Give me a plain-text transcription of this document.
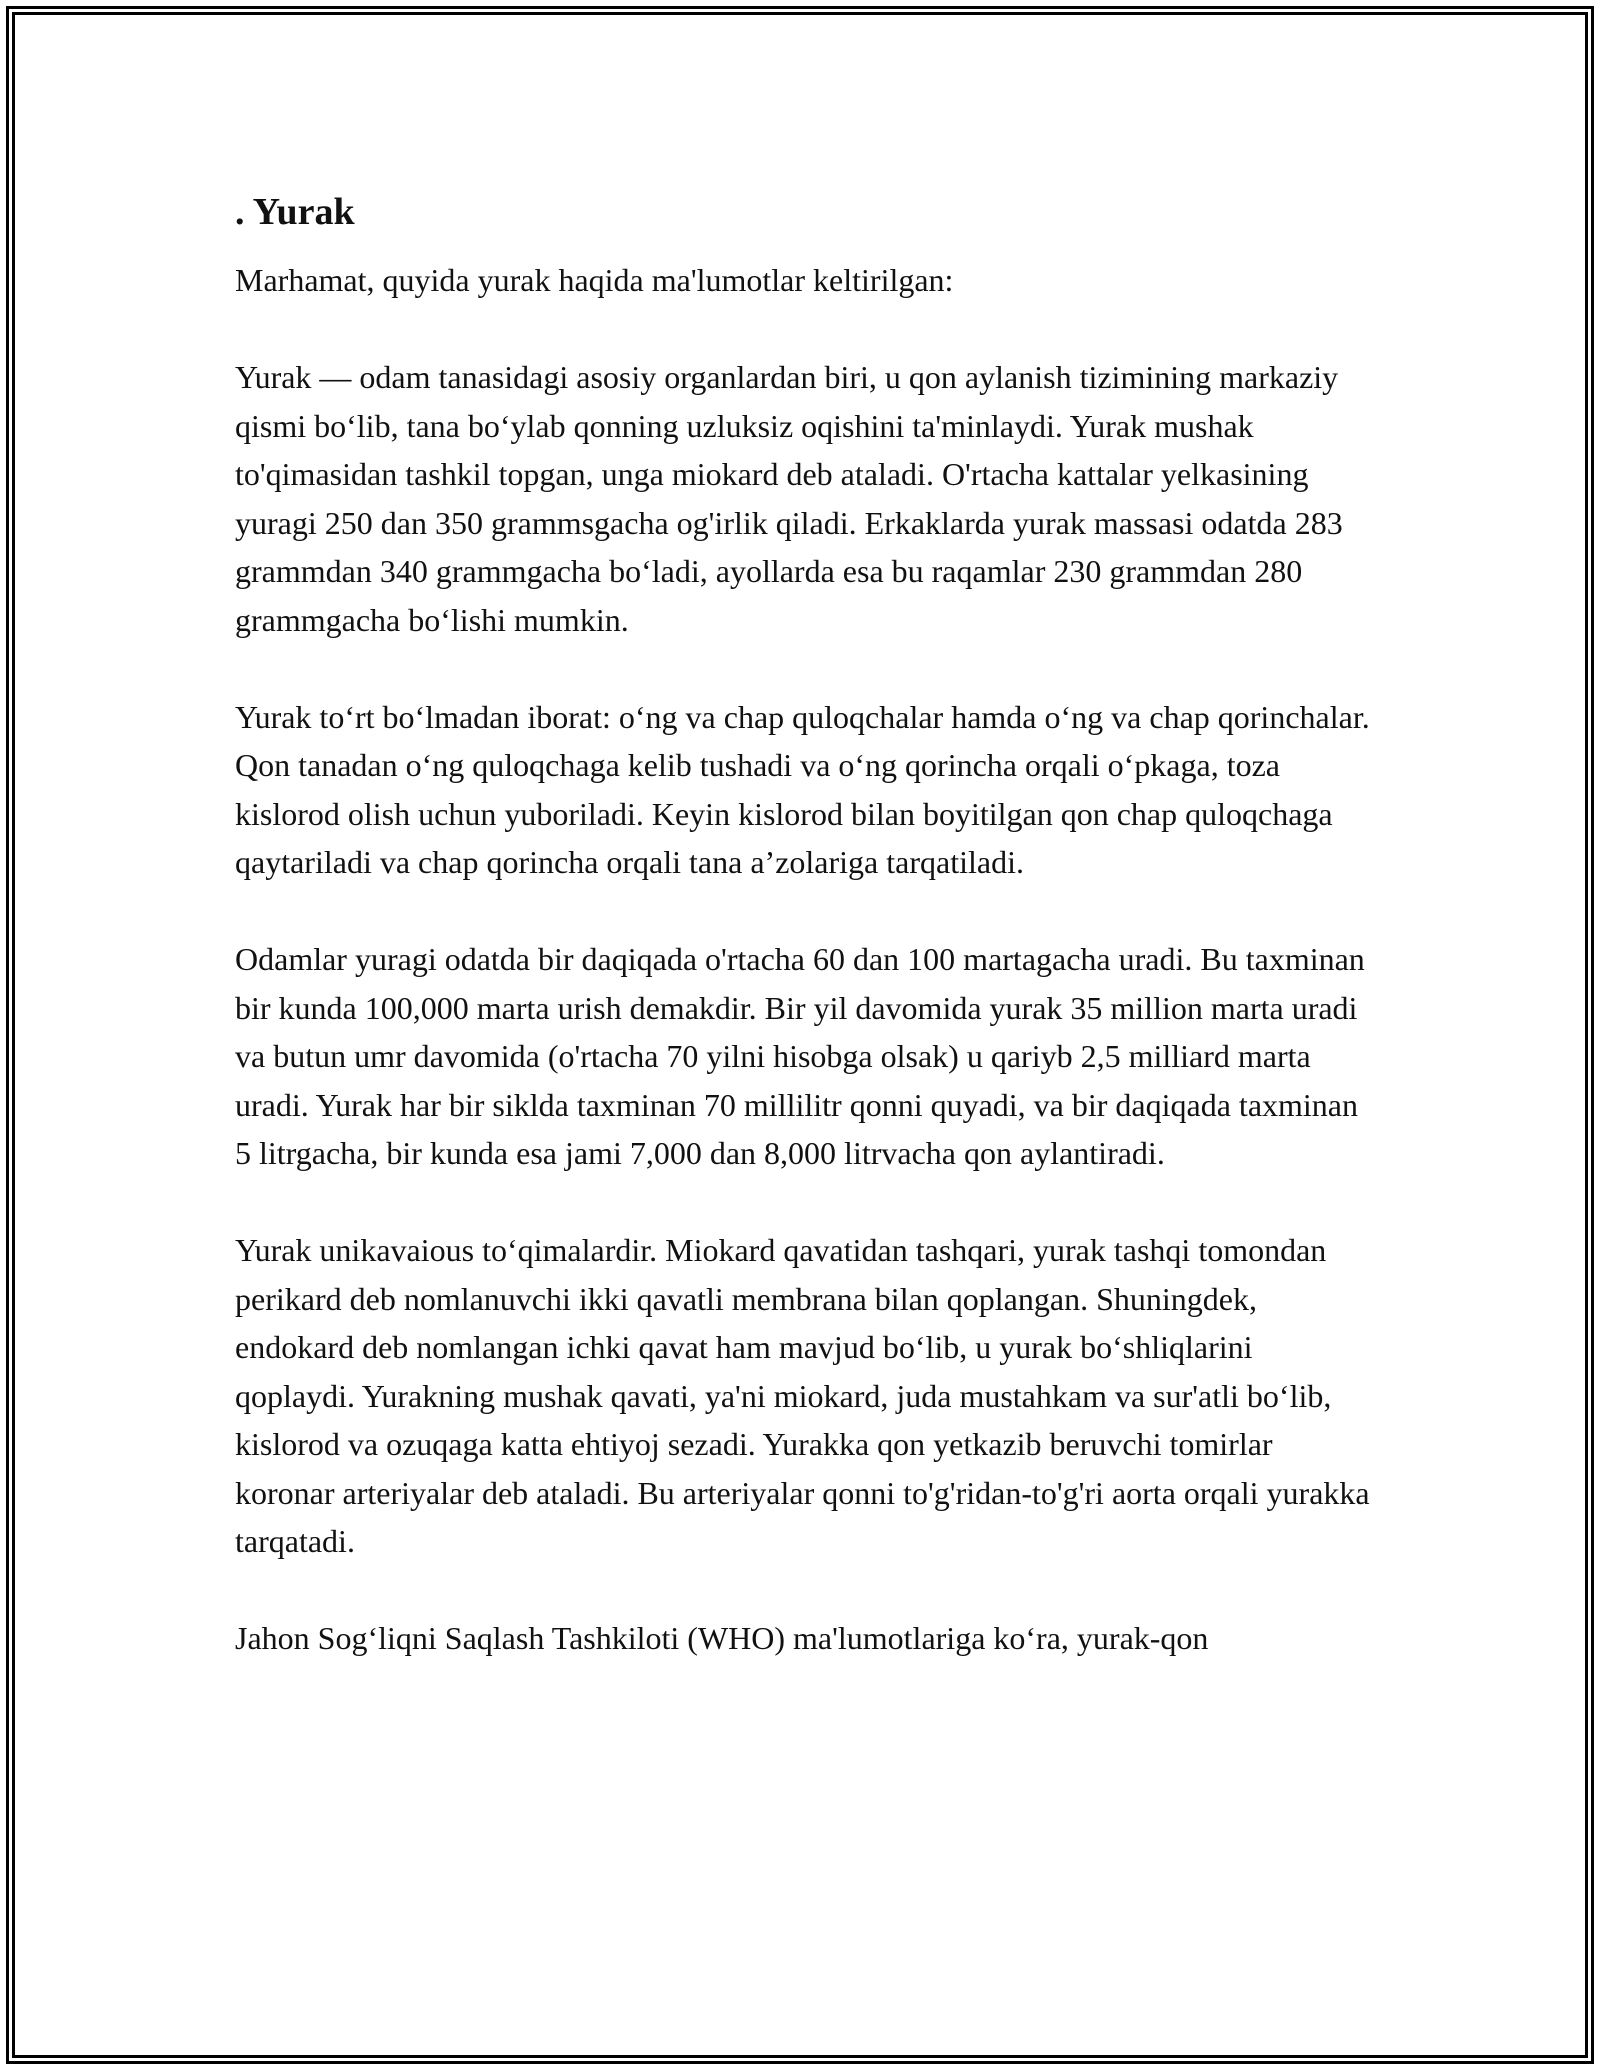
. Yurak

Marhamat, quyida yurak haqida ma'lumotlar keltirilgan:

Yurak — odam tanasidagi asosiy organlardan biri, u qon aylanish tizimining markaziy qismi bo‘lib, tana bo‘ylab qonning uzluksiz oqishini ta'minlaydi. Yurak mushak to'qimasidan tashkil topgan, unga miokard deb ataladi. O'rtacha kattalar yelkasining yuragi 250 dan 350 grammsgacha og'irlik qiladi. Erkaklarda yurak massasi odatda 283 grammdan 340 grammgacha bo‘ladi, ayollarda esa bu raqamlar 230 grammdan 280 grammgacha bo‘lishi mumkin.

Yurak to‘rt bo‘lmadan iborat: o‘ng va chap quloqchalar hamda o‘ng va chap qorinchalar. Qon tanadan o‘ng quloqchaga kelib tushadi va o‘ng qorincha orqali o‘pkaga, toza kislorod olish uchun yuboriladi. Keyin kislorod bilan boyitilgan qon chap quloqchaga qaytariladi va chap qorincha orqali tana a’zolariga tarqatiladi.

Odamlar yuragi odatda bir daqiqada o'rtacha 60 dan 100 martagacha uradi. Bu taxminan bir kunda 100,000 marta urish demakdir. Bir yil davomida yurak 35 million marta uradi va butun umr davomida (o'rtacha 70 yilni hisobga olsak) u qariyb 2,5 milliard marta uradi. Yurak har bir siklda taxminan 70 millilitr qonni quyadi, va bir daqiqada taxminan 5 litrgacha, bir kunda esa jami 7,000 dan 8,000 litrvacha qon aylantiradi.

Yurak unikavaious to‘qimalardir. Miokard qavatidan tashqari, yurak tashqi tomondan perikard deb nomlanuvchi ikki qavatli membrana bilan qoplangan. Shuningdek, endokard deb nomlangan ichki qavat ham mavjud bo‘lib, u yurak bo‘shliqlarini qoplaydi. Yurakning mushak qavati, ya'ni miokard, juda mustahkam va sur'atli bo‘lib, kislorod va ozuqaga katta ehtiyoj sezadi. Yurakka qon yetkazib beruvchi tomirlar koronar arteriyalar deb ataladi. Bu arteriyalar qonni to'g'ridan-to'g'ri aorta orqali yurakka tarqatadi.

Jahon Sog‘liqni Saqlash Tashkiloti (WHO) ma'lumotlariga ko‘ra, yurak-qon
